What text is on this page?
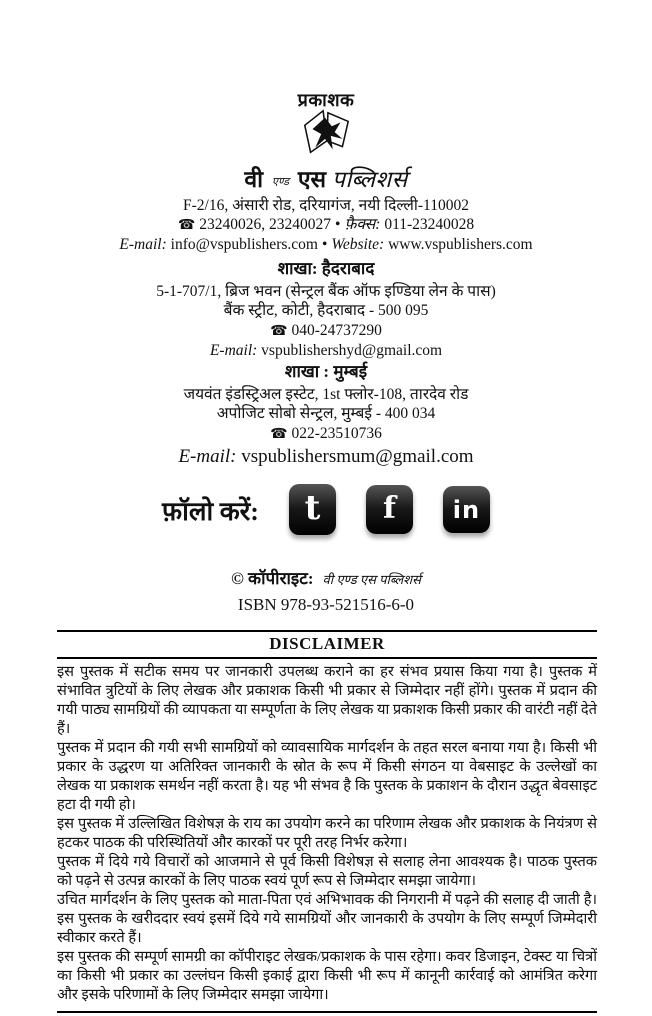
प्रकाशक
वी एण्ड एस पब्लिशर्स
F-2/16, अंसारी रोड, दरियागंज, नयी दिल्ली-110002
☎ 23240026, 23240027 • फ़ैक्स: 011-23240028
E-mail: info@vspublishers.com • Website: www.vspublishers.com
शाखा: हैदराबाद
5-1-707/1, ब्रिज भवन (सेन्ट्रल बैंक ऑफ इण्डिया लेन के पास)
बैंक स्ट्रीट, कोटी, हैदराबाद - 500 095
☎ 040-24737290
E-mail: vspublishershyd@gmail.com
शाखा : मुम्बई
जयवंत इंडस्ट्रिअल इस्टेट, 1st फ्लोर-108, तारदेव रोड
अपोजिट सोबो सेन्ट्रल, मुम्बई - 400 034
☎ 022-23510736
E-mail: vspublishersmum@gmail.com
फ़ॉलो करें:	t	f	in
© कॉपीराइट: वी एण्ड एस पब्लिशर्स
ISBN 978-93-521516-6-0
DISCLAIMER

इस पुस्तक में सटीक समय पर जानकारी उपलब्ध कराने का हर संभव प्रयास किया गया है। पुस्तक में संभावित त्रुटियों के लिए लेखक और प्रकाशक किसी भी प्रकार से जिम्मेदार नहीं होंगे। पुस्तक में प्रदान की गयी पाठ्य सामग्रियों की व्यापकता या सम्पूर्णता के लिए लेखक या प्रकाशक किसी प्रकार की वारंटी नहीं देते हैं।

पुस्तक में प्रदान की गयी सभी सामग्रियों को व्यावसायिक मार्गदर्शन के तहत सरल बनाया गया है। किसी भी प्रकार के उद्धरण या अतिरिक्त जानकारी के स्रोत के रूप में किसी संगठन या वेबसाइट के उल्लेखों का लेखक या प्रकाशक समर्थन नहीं करता है। यह भी संभव है कि पुस्तक के प्रकाशन के दौरान उद्धृत बेवसाइट हटा दी गयी हो।

इस पुस्तक में उल्लिखित विशेषज्ञ के राय का उपयोग करने का परिणाम लेखक और प्रकाशक के नियंत्रण से हटकर पाठक की परिस्थितियों और कारकों पर पूरी तरह निर्भर करेगा।

पुस्तक में दिये गये विचारों को आजमाने से पूर्व किसी विशेषज्ञ से सलाह लेना आवश्यक है। पाठक पुस्तक को पढ़ने से उत्पन्न कारकों के लिए पाठक स्वयं पूर्ण रूप से जिम्मेदार समझा जायेगा।

उचित मार्गदर्शन के लिए पुस्तक को माता-पिता एवं अभिभावक की निगरानी में पढ़ने की सलाह दी जाती है। इस पुस्तक के खरीददार स्वयं इसमें दिये गये सामग्रियों और जानकारी के उपयोग के लिए सम्पूर्ण जिम्मेदारी स्वीकार करते हैं।

इस पुस्तक की सम्पूर्ण सामग्री का कॉपीराइट लेखक/प्रकाशक के पास रहेगा। कवर डिजाइन, टेक्स्ट या चित्रों का किसी भी प्रकार का उल्लंघन किसी इकाई द्वारा किसी भी रूप में कानूनी कार्रवाई को आमंत्रित करेगा और इसके परिणामों के लिए जिम्मेदार समझा जायेगा।
